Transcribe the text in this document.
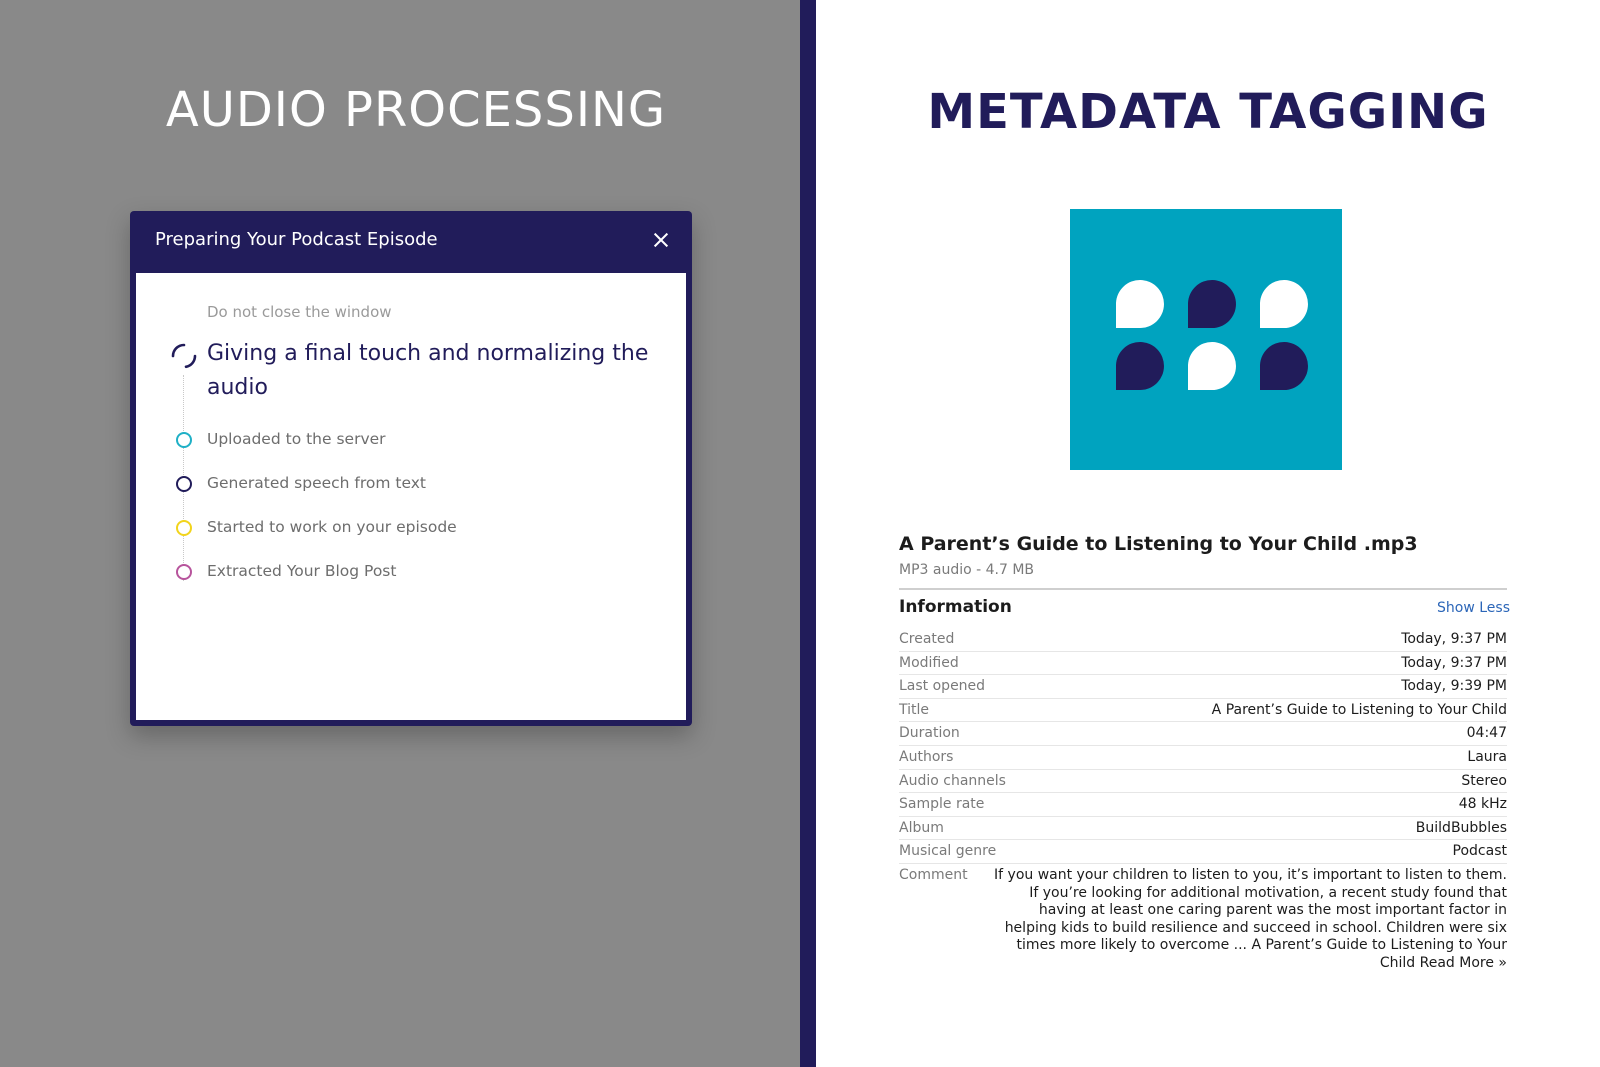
AUDIO PROCESSING
Preparing Your Podcast Episode
Do not close the window
Giving a final touch and normalizing the audio
Uploaded to the server
Generated speech from text
Started to work on your episode
Extracted Your Blog Post
METADATA TAGGING
A Parent’s Guide to Listening to Your Child .mp3
MP3 audio - 4.7 MB
Information	Show Less
Created	Today, 9:37 PM
Modified	Today, 9:37 PM
Last opened	Today, 9:39 PM
Title	A Parent’s Guide to Listening to Your Child
Duration	04:47
Authors	Laura
Audio channels	Stereo
Sample rate	48 kHz
Album	BuildBubbles
Musical genre	Podcast
Comment	If you want your children to listen to you, it’s important to listen to them. If you’re looking for additional motivation, a recent study found that having at least one caring parent was the most important factor in helping kids to build resilience and succeed in school. Children were six times more likely to overcome ... A Parent’s Guide to Listening to Your Child Read More »
